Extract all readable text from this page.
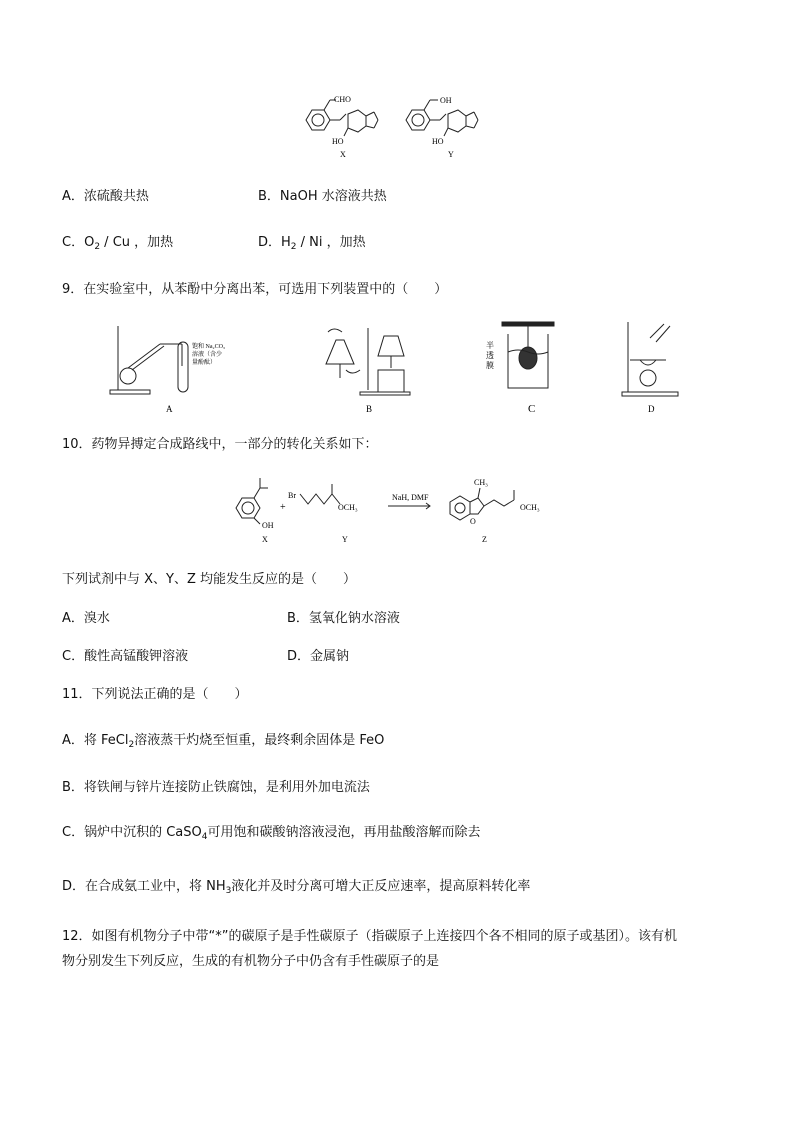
CHO
HO
X
OH
HO
Y
A．浓硫酸共热	B．NaOH 水溶液共热
C．$O_2$ / Cu ，加热	D．$H_2$ / Ni ，加热
9．在实验室中，从苯酚中分离出苯，可选用下列装置中的（　　）
饱和 Na₂CO₃
溶液（含少
量酚酞）
半
透
膜
A	B	C	D
10．药物异搏定合成路线中，一部分的转化关系如下：
OH
+
Br
OCH₃
NaH, DMF
CH₃
O
OCH₃
X	Y	Z
下列试剂中与 X、Y、Z 均能发生反应的是（　　）
A．溴水	B．氢氧化钠水溶液
C．酸性高锰酸钾溶液	D．金属钠
11．下列说法正确的是（　　）
A．将 FeCl$_2$溶液蒸干灼烧至恒重，最终剩余固体是 FeO
B．将铁闸与锌片连接防止铁腐蚀，是利用外加电流法
C．锅炉中沉积的 CaSO$_4$可用饱和碳酸钠溶液浸泡，再用盐酸溶解而除去
D．在合成氨工业中，将 $NH_3$液化并及时分离可增大正反应速率，提高原料转化率
12．如图有机物分子中带“*”的碳原子是手性碳原子（指碳原子上连接四个各不相同的原子或基团）。该有机
物分别发生下列反应，生成的有机物分子中仍含有手性碳原子的是
